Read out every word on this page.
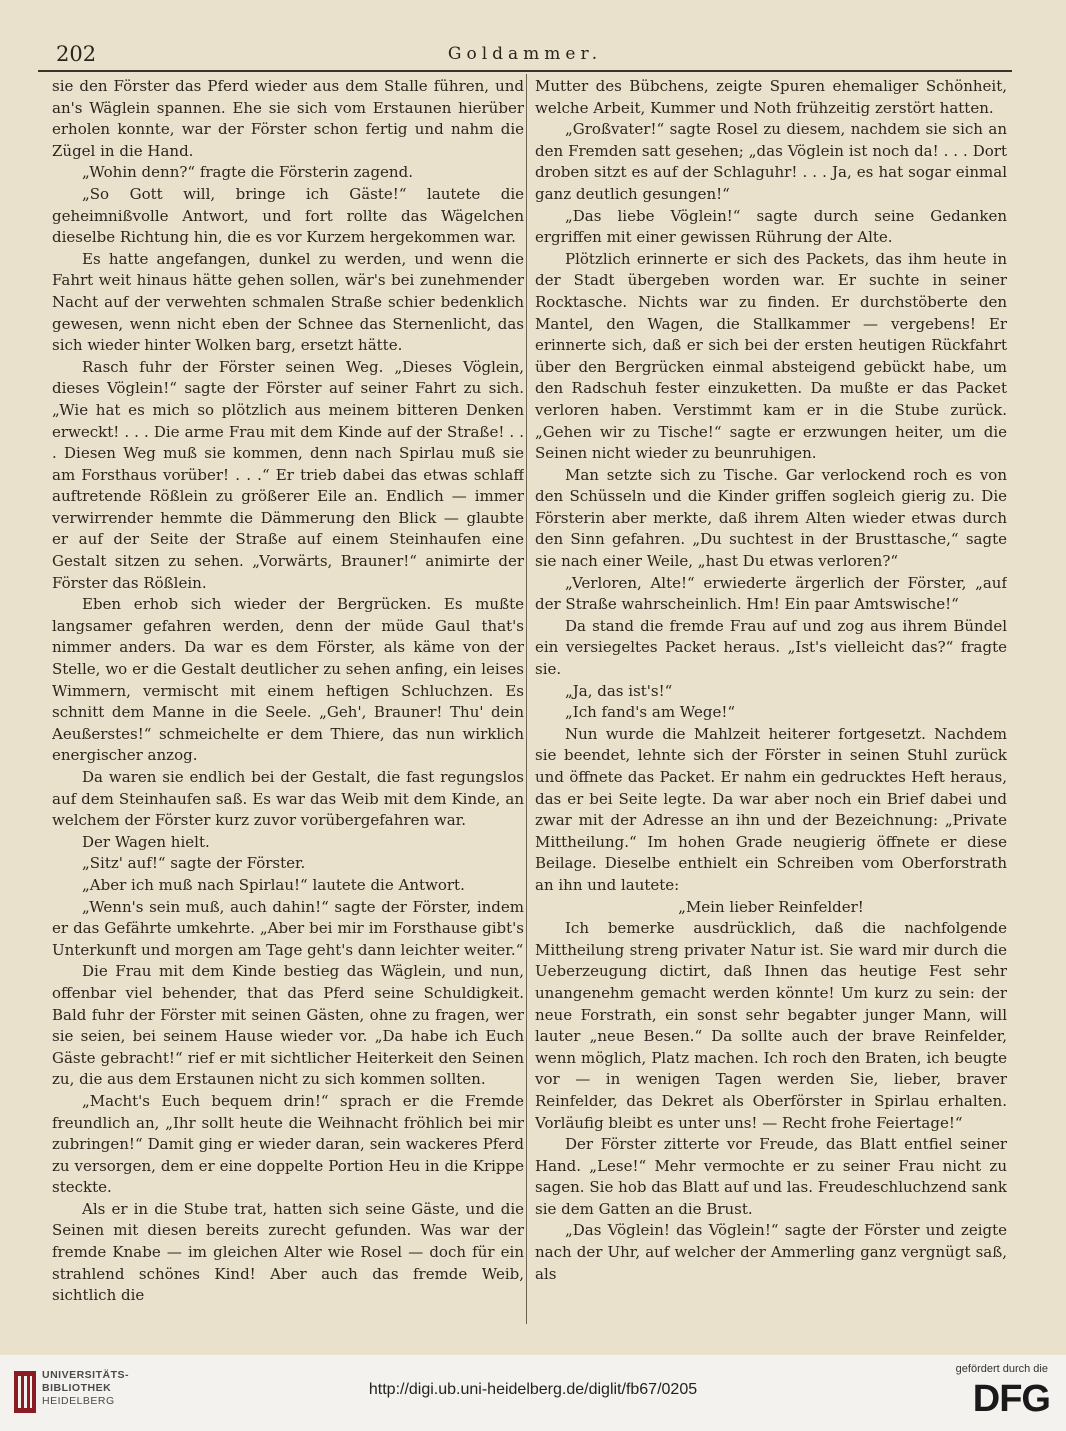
202	Goldammer.

sie den Förster das Pferd wieder aus dem Stalle führen, und an's Wäglein spannen. Ehe sie sich vom Erstaunen hierüber erholen konnte, war der Förster schon fertig und nahm die Zügel in die Hand.

„Wohin denn?“ fragte die Försterin zagend.

„So Gott will, bringe ich Gäste!“ lautete die geheimnißvolle Antwort, und fort rollte das Wägelchen dieselbe Richtung hin, die es vor Kurzem hergekommen war.

Es hatte angefangen, dunkel zu werden, und wenn die Fahrt weit hinaus hätte gehen sollen, wär's bei zunehmender Nacht auf der verwehten schmalen Straße schier bedenklich gewesen, wenn nicht eben der Schnee das Sternenlicht, das sich wieder hinter Wolken barg, ersetzt hätte.

Rasch fuhr der Förster seinen Weg. „Dieses Vöglein, dieses Vöglein!“ sagte der Förster auf seiner Fahrt zu sich. „Wie hat es mich so plötzlich aus meinem bitteren Denken erweckt! . . . Die arme Frau mit dem Kinde auf der Straße! . . . Diesen Weg muß sie kommen, denn nach Spirlau muß sie am Forsthaus vorüber! . . .“ Er trieb dabei das etwas schlaff auftretende Rößlein zu größerer Eile an. Endlich — immer verwirrender hemmte die Dämmerung den Blick — glaubte er auf der Seite der Straße auf einem Steinhaufen eine Gestalt sitzen zu sehen. „Vorwärts, Brauner!“ animirte der Förster das Rößlein.

Eben erhob sich wieder der Bergrücken. Es mußte langsamer gefahren werden, denn der müde Gaul that's nimmer anders. Da war es dem Förster, als käme von der Stelle, wo er die Gestalt deutlicher zu sehen anfing, ein leises Wimmern, vermischt mit einem heftigen Schluchzen. Es schnitt dem Manne in die Seele. „Geh', Brauner! Thu' dein Aeußerstes!“ schmeichelte er dem Thiere, das nun wirklich energischer anzog.

Da waren sie endlich bei der Gestalt, die fast regungslos auf dem Steinhaufen saß. Es war das Weib mit dem Kinde, an welchem der Förster kurz zuvor vorübergefahren war.

Der Wagen hielt.

„Sitz' auf!“ sagte der Förster.

„Aber ich muß nach Spirlau!“ lautete die Antwort.

„Wenn's sein muß, auch dahin!“ sagte der Förster, indem er das Gefährte umkehrte. „Aber bei mir im Forsthause gibt's Unterkunft und morgen am Tage geht's dann leichter weiter.“

Die Frau mit dem Kinde bestieg das Wäglein, und nun, offenbar viel behender, that das Pferd seine Schuldigkeit. Bald fuhr der Förster mit seinen Gästen, ohne zu fragen, wer sie seien, bei seinem Hause wieder vor. „Da habe ich Euch Gäste gebracht!“ rief er mit sichtlicher Heiterkeit den Seinen zu, die aus dem Erstaunen nicht zu sich kommen sollten.

„Macht's Euch bequem drin!“ sprach er die Fremde freundlich an, „Ihr sollt heute die Weihnacht fröhlich bei mir zubringen!“ Damit ging er wieder daran, sein wackeres Pferd zu versorgen, dem er eine doppelte Portion Heu in die Krippe steckte.

Als er in die Stube trat, hatten sich seine Gäste, und die Seinen mit diesen bereits zurecht gefunden. Was war der fremde Knabe — im gleichen Alter wie Rosel — doch für ein strahlend schönes Kind! Aber auch das fremde Weib, sichtlich die

Mutter des Bübchens, zeigte Spuren ehemaliger Schönheit, welche Arbeit, Kummer und Noth frühzeitig zerstört hatten.

„Großvater!“ sagte Rosel zu diesem, nachdem sie sich an den Fremden satt gesehen; „das Vöglein ist noch da! . . . Dort droben sitzt es auf der Schlaguhr! . . . Ja, es hat sogar einmal ganz deutlich gesungen!“

„Das liebe Vöglein!“ sagte durch seine Gedanken ergriffen mit einer gewissen Rührung der Alte.

Plötzlich erinnerte er sich des Packets, das ihm heute in der Stadt übergeben worden war. Er suchte in seiner Rocktasche. Nichts war zu finden. Er durchstöberte den Mantel, den Wagen, die Stallkammer — vergebens! Er erinnerte sich, daß er sich bei der ersten heutigen Rückfahrt über den Bergrücken einmal absteigend gebückt habe, um den Radschuh fester einzuketten. Da mußte er das Packet verloren haben. Verstimmt kam er in die Stube zurück. „Gehen wir zu Tische!“ sagte er erzwungen heiter, um die Seinen nicht wieder zu beunruhigen.

Man setzte sich zu Tische. Gar verlockend roch es von den Schüsseln und die Kinder griffen sogleich gierig zu. Die Försterin aber merkte, daß ihrem Alten wieder etwas durch den Sinn gefahren. „Du suchtest in der Brusttasche,“ sagte sie nach einer Weile, „hast Du etwas verloren?“

„Verloren, Alte!“ erwiederte ärgerlich der Förster, „auf der Straße wahrscheinlich. Hm! Ein paar Amtswische!“

Da stand die fremde Frau auf und zog aus ihrem Bündel ein versiegeltes Packet heraus. „Ist's vielleicht das?“ fragte sie.

„Ja, das ist's!“

„Ich fand's am Wege!“

Nun wurde die Mahlzeit heiterer fortgesetzt. Nachdem sie beendet, lehnte sich der Förster in seinen Stuhl zurück und öffnete das Packet. Er nahm ein gedrucktes Heft heraus, das er bei Seite legte. Da war aber noch ein Brief dabei und zwar mit der Adresse an ihn und der Bezeichnung: „Private Mittheilung.“ Im hohen Grade neugierig öffnete er diese Beilage. Dieselbe enthielt ein Schreiben vom Oberforstrath an ihn und lautete:

„Mein lieber Reinfelder!

Ich bemerke ausdrücklich, daß die nachfolgende Mittheilung streng privater Natur ist. Sie ward mir durch die Ueberzeugung dictirt, daß Ihnen das heutige Fest sehr unangenehm gemacht werden könnte! Um kurz zu sein: der neue Forstrath, ein sonst sehr begabter junger Mann, will lauter „neue Besen.“ Da sollte auch der brave Reinfelder, wenn möglich, Platz machen. Ich roch den Braten, ich beugte vor — in wenigen Tagen werden Sie, lieber, braver Reinfelder, das Dekret als Oberförster in Spirlau erhalten. Vorläufig bleibt es unter uns! — Recht frohe Feiertage!“

Der Förster zitterte vor Freude, das Blatt entfiel seiner Hand. „Lese!“ Mehr vermochte er zu seiner Frau nicht zu sagen. Sie hob das Blatt auf und las. Freudeschluchzend sank sie dem Gatten an die Brust.

„Das Vöglein! das Vöglein!“ sagte der Förster und zeigte nach der Uhr, auf welcher der Ammerling ganz vergnügt saß, als

UNIVERSITÄTS-
BIBLIOTHEK
HEIDELBERG
http://digi.ub.uni-heidelberg.de/diglit/fb67/0205
gefördert durch die
DFG
